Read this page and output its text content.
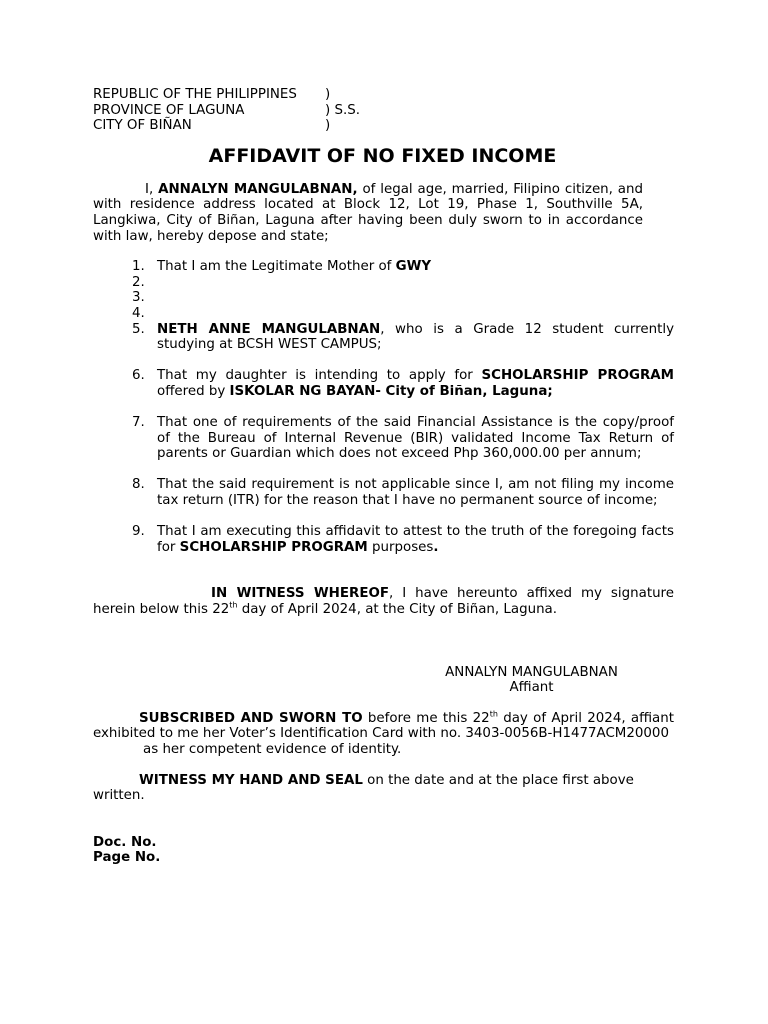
REPUBLIC OF THE PHILIPPINES	)
PROVINCE OF LAGUNA	) S.S.
CITY OF BIÑAN	)
AFFIDAVIT OF NO FIXED INCOME
I, ANNALYN MANGULABNAN, of legal age, married, Filipino citizen, and with residence address located at Block 12, Lot 19, Phase 1, Southville 5A, Langkiwa, City of Biñan, Laguna after having been duly sworn to in accordance with law, hereby depose and state;
1. That I am the Legitimate Mother of GWY
2.
3.
4.
5. NETH ANNE MANGULABNAN, who is a Grade 12 student currently studying at BCSH WEST CAMPUS;
6. That my daughter is intending to apply for SCHOLARSHIP PROGRAM offered by ISKOLAR NG BAYAN- City of Biñan, Laguna;
7. That one of requirements of the said Financial Assistance is the copy/proof of the Bureau of Internal Revenue (BIR) validated Income Tax Return of parents or Guardian which does not exceed Php 360,000.00 per annum;
8. That the said requirement is not applicable since I, am not filing my income tax return (ITR) for the reason that I have no permanent source of income;
9. That I am executing this affidavit to attest to the truth of the foregoing facts for SCHOLARSHIP PROGRAM purposes.
IN WITNESS WHEREOF, I have hereunto affixed my signature herein below this 22th day of April 2024, at the City of Biñan, Laguna.
ANNALYN MANGULABNAN
Affiant
SUBSCRIBED AND SWORN TO before me this 22th day of April 2024, affiant exhibited to me her Voter’s Identification Card with no. 3403-0056B-H1477ACM20000
as her competent evidence of identity.
WITNESS MY HAND AND SEAL on the date and at the place first above written.
Doc. No.
Page No.
